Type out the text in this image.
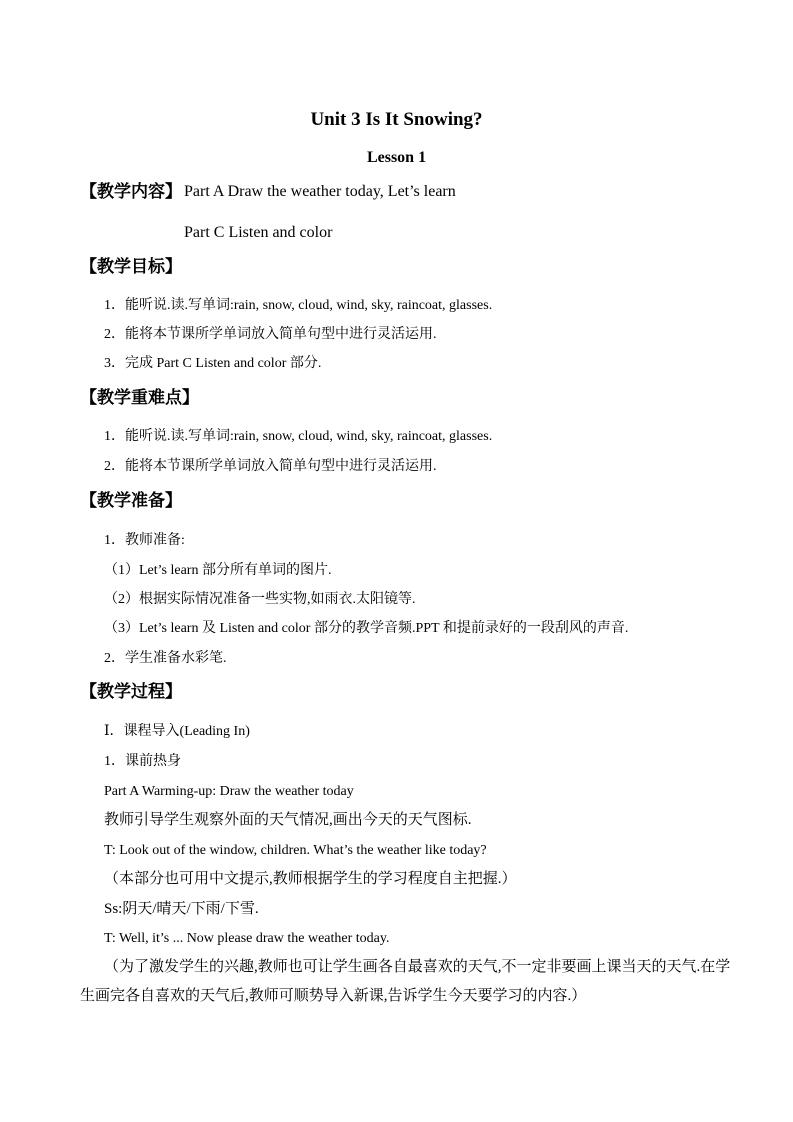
Unit 3 Is It Snowing?
Lesson 1
【教学内容】 Part A Draw the weather today, Let’s learn
Part C Listen and color
【教学目标】
1．能听说.读.写单词:rain, snow, cloud, wind, sky, raincoat, glasses.
2．能将本节课所学单词放入简单句型中进行灵活运用.
3．完成 Part C Listen and color 部分.
【教学重难点】
1．能听说.读.写单词:rain, snow, cloud, wind, sky, raincoat, glasses.
2．能将本节课所学单词放入简单句型中进行灵活运用.
【教学准备】
1．教师准备:
（1）Let’s learn 部分所有单词的图片.
（2）根据实际情况准备一些实物,如雨衣.太阳镜等.
（3）Let’s learn 及 Listen and color 部分的教学音频.PPT 和提前录好的一段刮风的声音.
2．学生准备水彩笔.
【教学过程】
Ⅰ．课程导入(Leading In)
1．课前热身
Part A Warming-up: Draw the weather today
教师引导学生观察外面的天气情况,画出今天的天气图标.
T: Look out of the window, children. What’s the weather like today?
（本部分也可用中文提示,教师根据学生的学习程度自主把握.）
Ss:阴天/晴天/下雨/下雪.
T: Well, it’s ... Now please draw the weather today.
（为了激发学生的兴趣,教师也可让学生画各自最喜欢的天气,不一定非要画上课当天的天气.在学生画完各自喜欢的天气后,教师可顺势导入新课,告诉学生今天要学习的内容.）
